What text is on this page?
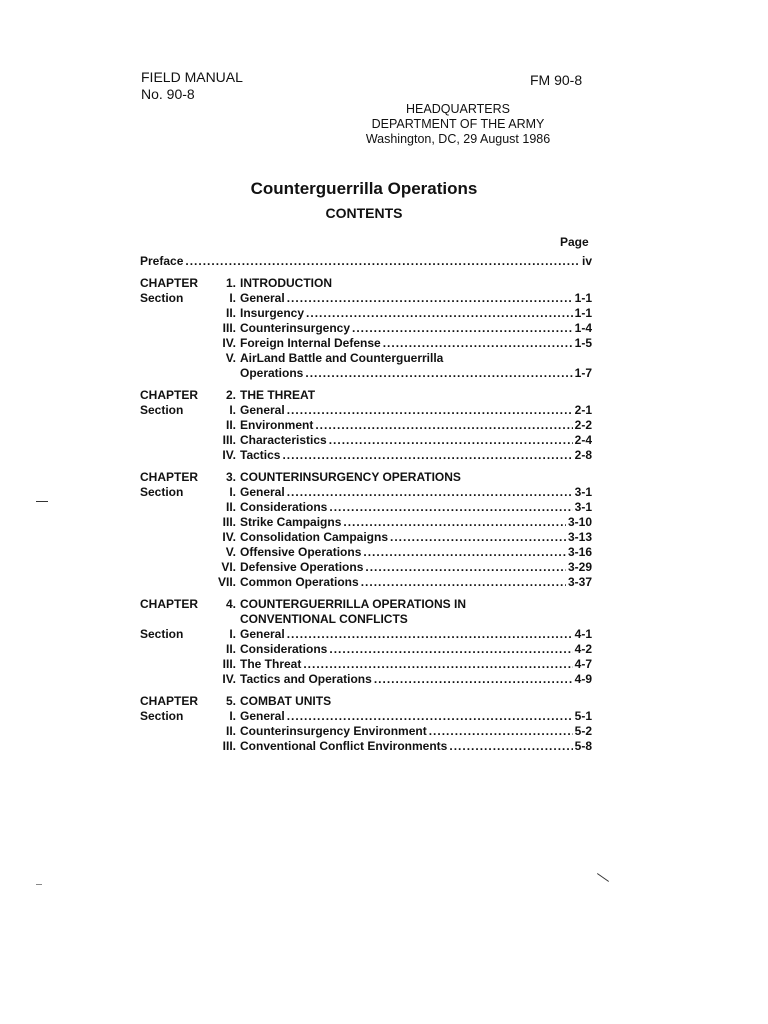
FIELD MANUAL
No. 90-8
FM 90-8
HEADQUARTERS
DEPARTMENT OF THE ARMY
Washington, DC, 29 August 1986
Counterguerrilla Operations
CONTENTS
Page
Preface .....	iv
CHAPTER	1. INTRODUCTION
Section	I. General .....	1-1
II. Insurgency .....	1-1
III. Counterinsurgency .....	1-4
IV. Foreign Internal Defense .....	1-5
V. AirLand Battle and Counterguerrilla
Operations .....	1-7
CHAPTER	2. THE THREAT
Section	I. General .....	2-1
II. Environment .....	2-2
III. Characteristics .....	2-4
IV. Tactics .....	2-8
CHAPTER	3. COUNTERINSURGENCY OPERATIONS
Section	I. General .....	3-1
II. Considerations .....	3-1
III. Strike Campaigns .....	3-10
IV. Consolidation Campaigns .....	3-13
V. Offensive Operations .....	3-16
VI. Defensive Operations .....	3-29
VII. Common Operations .....	3-37
CHAPTER	4. COUNTERGUERRILLA OPERATIONS IN
CONVENTIONAL CONFLICTS
Section	I. General .....	4-1
II. Considerations .....	4-2
III. The Threat .....	4-7
IV. Tactics and Operations .....	4-9
CHAPTER	5. COMBAT UNITS
Section	I. General .....	5-1
II. Counterinsurgency Environment .....	5-2
III. Conventional Conflict Environments .....	5-8
